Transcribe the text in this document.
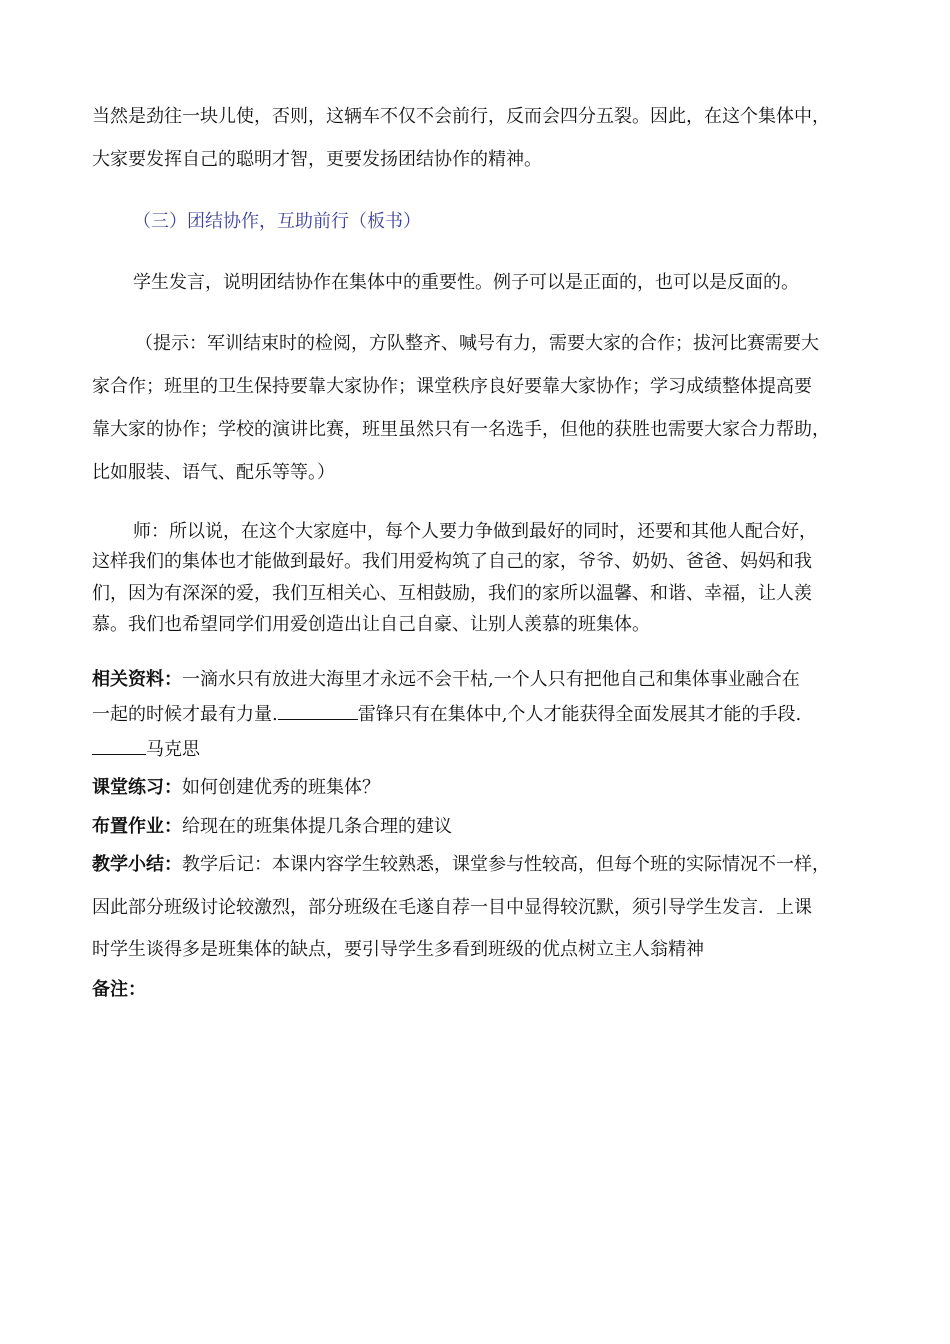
当然是劲往一块儿使，否则，这辆车不仅不会前行，反而会四分五裂。因此，在这个集体中，
大家要发挥自己的聪明才智，更要发扬团结协作的精神。
（三）团结协作，互助前行（板书）
学生发言，说明团结协作在集体中的重要性。例子可以是正面的，也可以是反面的。
（提示：军训结束时的检阅，方队整齐、喊号有力，需要大家的合作；拔河比赛需要大
家合作；班里的卫生保持要靠大家协作；课堂秩序良好要靠大家协作；学习成绩整体提高要
靠大家的协作；学校的演讲比赛，班里虽然只有一名选手，但他的获胜也需要大家合力帮助，
比如服装、语气、配乐等等。）
师：所以说，在这个大家庭中，每个人要力争做到最好的同时，还要和其他人配合好，
这样我们的集体也才能做到最好。我们用爱构筑了自己的家，爷爷、奶奶、爸爸、妈妈和我
们，因为有深深的爱，我们互相关心、互相鼓励，我们的家所以温馨、和谐、幸福，让人羡
慕。我们也希望同学们用爱创造出让自己自豪、让别人羡慕的班集体。
相关资料：一滴水只有放进大海里才永远不会干枯,一个人只有把他自己和集体事业融合在
一起的时候才最有力量.	雷锋只有在集体中,个人才能获得全面发展其才能的手段.
马克思
课堂练习：如何创建优秀的班集体？
布置作业：给现在的班集体提几条合理的建议
教学小结：教学后记：本课内容学生较熟悉，课堂参与性较高，但每个班的实际情况不一样，
因此部分班级讨论较激烈，部分班级在毛遂自荐一目中显得较沉默，须引导学生发言．上课
时学生谈得多是班集体的缺点，要引导学生多看到班级的优点树立主人翁精神
备注：
